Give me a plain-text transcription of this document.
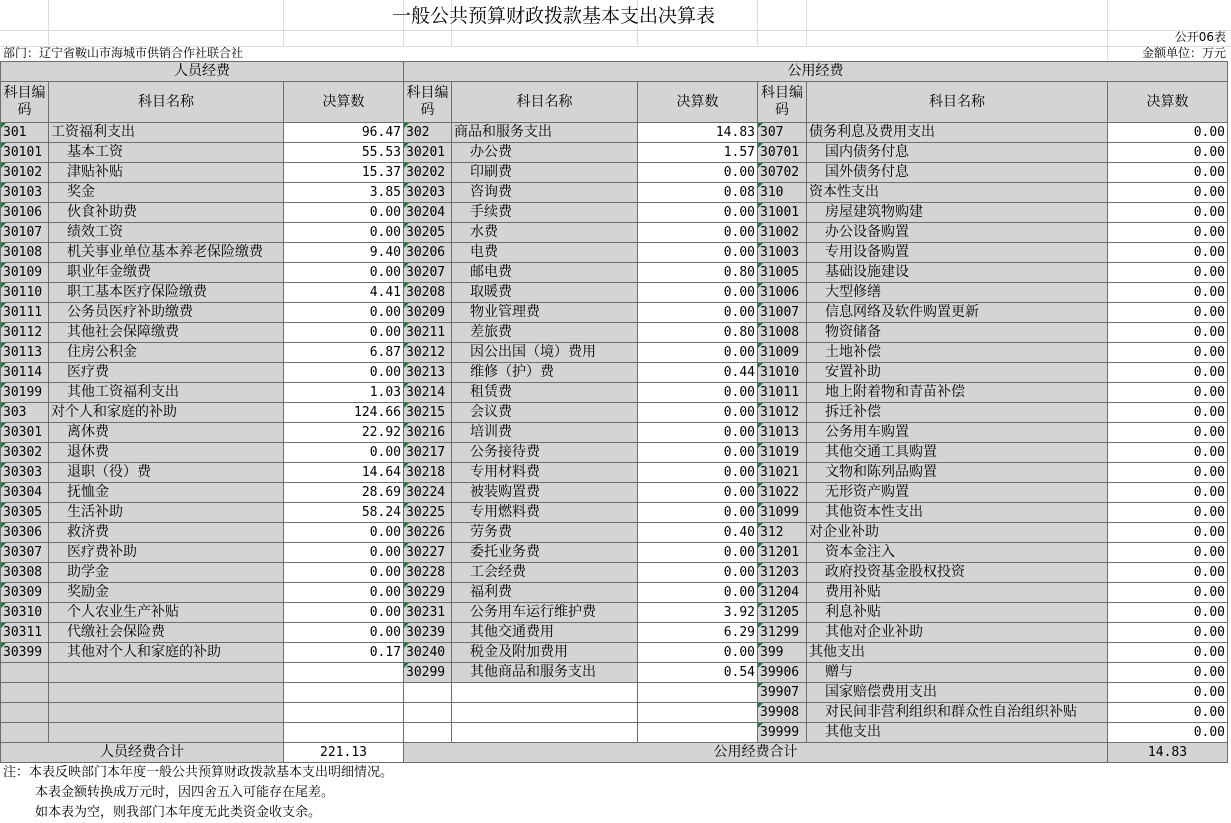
一般公共预算财政拨款基本支出决算表
公开06表
部门：辽宁省鞍山市海城市供销合作社联合社	金额单位：万元
人员经费			公用经费					
科目编码	科目名称	决算数	科目编码	科目名称	决算数	科目编码	科目名称	决算数
301	工资福利支出	96.47	302	商品和服务支出	14.83	307	债务利息及费用支出	0.00
30101	基本工资	55.53	30201	办公费	1.57	30701	国内债务付息	0.00
30102	津贴补贴	15.37	30202	印刷费	0.00	30702	国外债务付息	0.00
30103	奖金	3.85	30203	咨询费	0.08	310	资本性支出	0.00
30106	伙食补助费	0.00	30204	手续费	0.00	31001	房屋建筑物购建	0.00
30107	绩效工资	0.00	30205	水费	0.00	31002	办公设备购置	0.00
30108	机关事业单位基本养老保险缴费	9.40	30206	电费	0.00	31003	专用设备购置	0.00
30109	职业年金缴费	0.00	30207	邮电费	0.80	31005	基础设施建设	0.00
30110	职工基本医疗保险缴费	4.41	30208	取暖费	0.00	31006	大型修缮	0.00
30111	公务员医疗补助缴费	0.00	30209	物业管理费	0.00	31007	信息网络及软件购置更新	0.00
30112	其他社会保障缴费	0.00	30211	差旅费	0.80	31008	物资储备	0.00
30113	住房公积金	6.87	30212	因公出国（境）费用	0.00	31009	土地补偿	0.00
30114	医疗费	0.00	30213	维修（护）费	0.44	31010	安置补助	0.00
30199	其他工资福利支出	1.03	30214	租赁费	0.00	31011	地上附着物和青苗补偿	0.00
303	对个人和家庭的补助	124.66	30215	会议费	0.00	31012	拆迁补偿	0.00
30301	离休费	22.92	30216	培训费	0.00	31013	公务用车购置	0.00
30302	退休费	0.00	30217	公务接待费	0.00	31019	其他交通工具购置	0.00
30303	退职（役）费	14.64	30218	专用材料费	0.00	31021	文物和陈列品购置	0.00
30304	抚恤金	28.69	30224	被装购置费	0.00	31022	无形资产购置	0.00
30305	生活补助	58.24	30225	专用燃料费	0.00	31099	其他资本性支出	0.00
30306	救济费	0.00	30226	劳务费	0.40	312	对企业补助	0.00
30307	医疗费补助	0.00	30227	委托业务费	0.00	31201	资本金注入	0.00
30308	助学金	0.00	30228	工会经费	0.00	31203	政府投资基金股权投资	0.00
30309	奖励金	0.00	30229	福利费	0.00	31204	费用补贴	0.00
30310	个人农业生产补贴	0.00	30231	公务用车运行维护费	3.92	31205	利息补贴	0.00
30311	代缴社会保险费	0.00	30239	其他交通费用	6.29	31299	其他对企业补助	0.00
30399	其他对个人和家庭的补助	0.17	30240	税金及附加费用	0.00	399	其他支出	0.00
			30299	其他商品和服务支出	0.54	39906	赠与	0.00
						39907	国家赔偿费用支出	0.00
						39908	对民间非营利组织和群众性自治组织补贴	0.00
						39999	其他支出	0.00
人员经费合计		221.13	公用经费合计					14.83
注：本表反映部门本年度一般公共预算财政拨款基本支出明细情况。
本表金额转换成万元时，因四舍五入可能存在尾差。
如本表为空，则我部门本年度无此类资金收支余。
